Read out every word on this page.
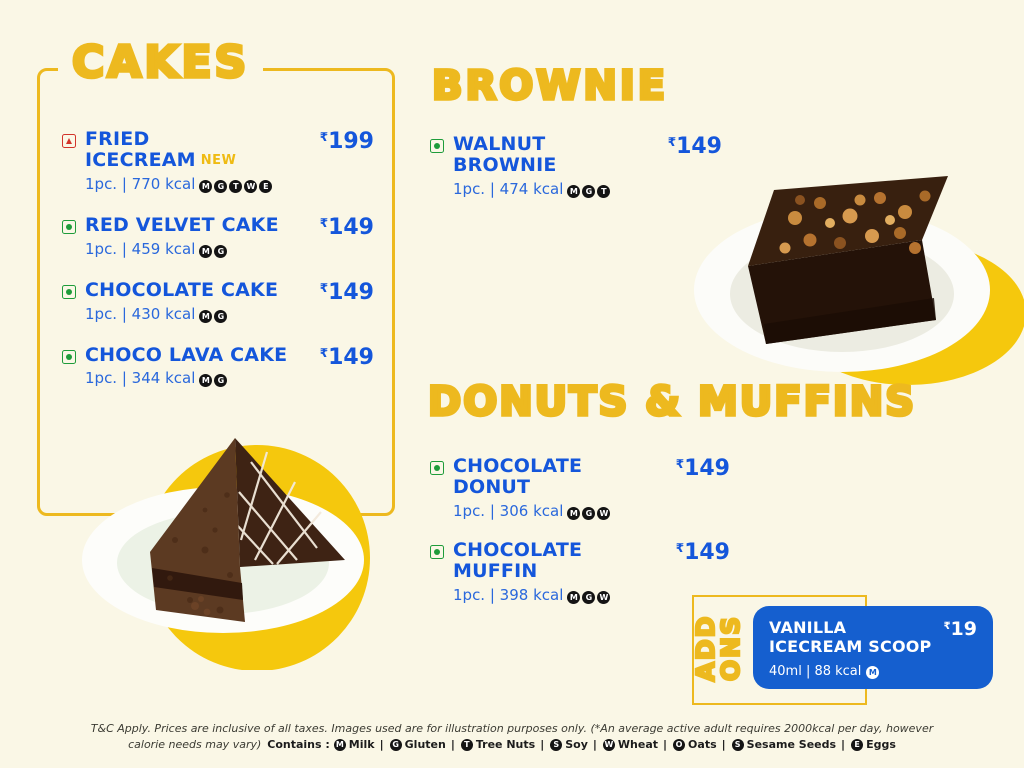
CAKES
FRIED ICECREAM NEW
1pc. | 770 kcal M G T W E
₹199
RED VELVET CAKE
1pc. | 459 kcal M G
₹149
CHOCOLATE CAKE
1pc. | 430 kcal M G
₹149
CHOCO LAVA CAKE
1pc. | 344 kcal M G
₹149
BROWNIE
WALNUT BROWNIE
1pc. | 474 kcal M G T
₹149
DONUTS & MUFFINS
CHOCOLATE DONUT
1pc. | 306 kcal M G W
₹149
CHOCOLATE MUFFIN
1pc. | 398 kcal M G W
₹149
ADD
ONS VANILLA ICECREAM SCOOP
₹19
40ml | 88 kcal M
T&C Apply. Prices are inclusive of all taxes. Images used are for illustration purposes only. (*An average active adult requires 2000kcal per day, however
calorie needs may vary) Contains : M Milk |	G Gluten |	T Tree Nuts |	S Soy | W Wheat |	O Oats |	S Sesame Seeds |	E Eggs
